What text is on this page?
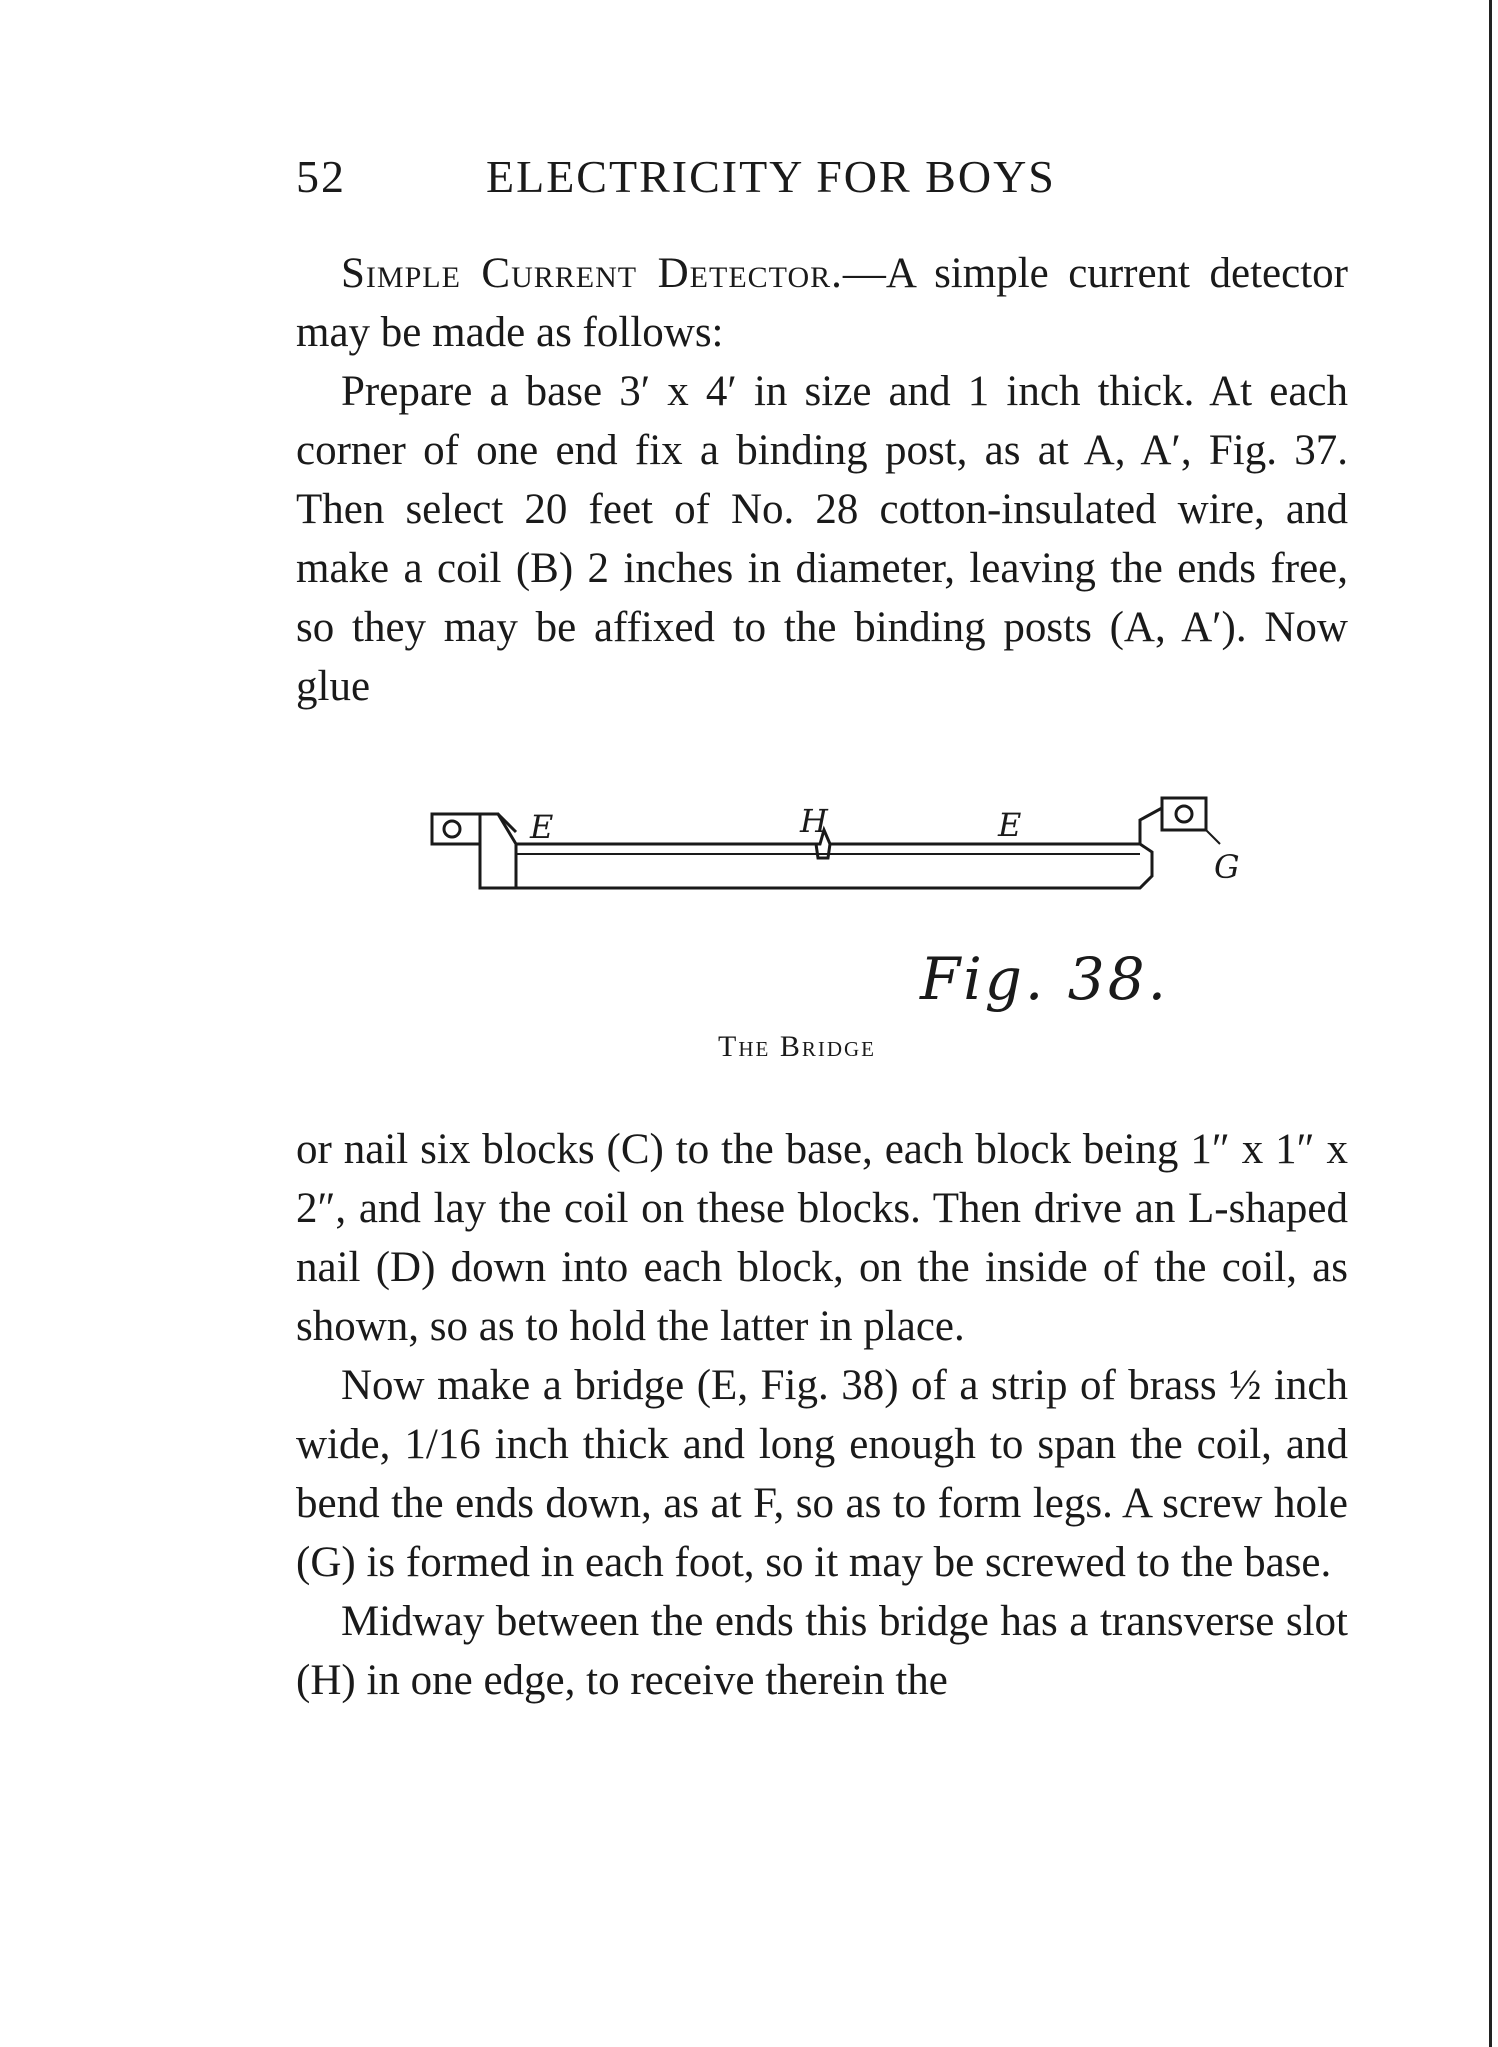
52	ELECTRICITY FOR BOYS

Simple Current Detector.—A simple current detector may be made as follows:

Prepare a base 3′ x 4′ in size and 1 inch thick. At each corner of one end fix a binding post, as at A, A′, Fig. 37. Then select 20 feet of No. 28 cotton-insulated wire, and make a coil (B) 2 inches in diameter, leaving the ends free, so they may be affixed to the binding posts (A, A′). Now glue

E	H	E
G
Fig. 38.
The Bridge

or nail six blocks (C) to the base, each block being 1″ x 1″ x 2″, and lay the coil on these blocks. Then drive an L-shaped nail (D) down into each block, on the inside of the coil, as shown, so as to hold the latter in place.

Now make a bridge (E, Fig. 38) of a strip of brass ½ inch wide, 1/16 inch thick and long enough to span the coil, and bend the ends down, as at F, so as to form legs. A screw hole (G) is formed in each foot, so it may be screwed to the base.

Midway between the ends this bridge has a transverse slot (H) in one edge, to receive therein the
